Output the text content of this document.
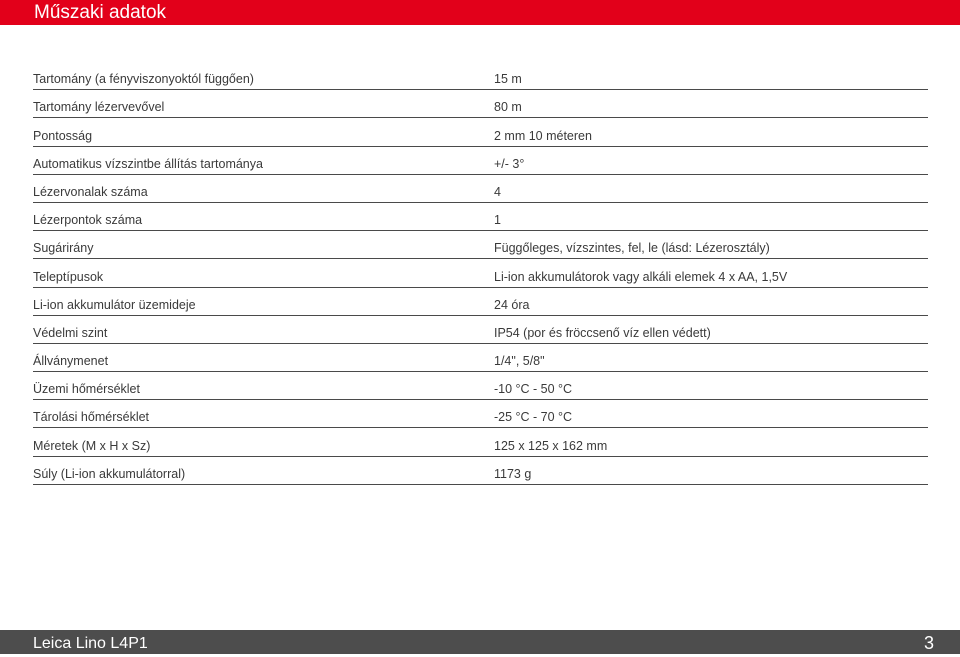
Műszaki adatok
Tartomány (a fényviszonyoktól függően)	15 m
Tartomány lézervevővel	80 m
Pontosság	2 mm 10 méteren
Automatikus vízszintbe állítás tartománya	+/- 3°
Lézervonalak száma	4
Lézerpontok száma	1
Sugárirány	Függőleges, vízszintes, fel, le (lásd: Lézerosztály)
Teleptípusok	Li-ion akkumulátorok vagy alkáli elemek 4 x AA, 1,5V
Li-ion akkumulátor üzemideje	24 óra
Védelmi szint	IP54 (por és fröccsenő víz ellen védett)
Állványmenet	1/4", 5/8"
Üzemi hőmérséklet	-10 °C - 50 °C
Tárolási hőmérséklet	-25 °C - 70 °C
Méretek (M x H x Sz)	125 x 125 x 162 mm
Súly (Li-ion akkumulátorral)	1173 g
Leica Lino L4P1	3
